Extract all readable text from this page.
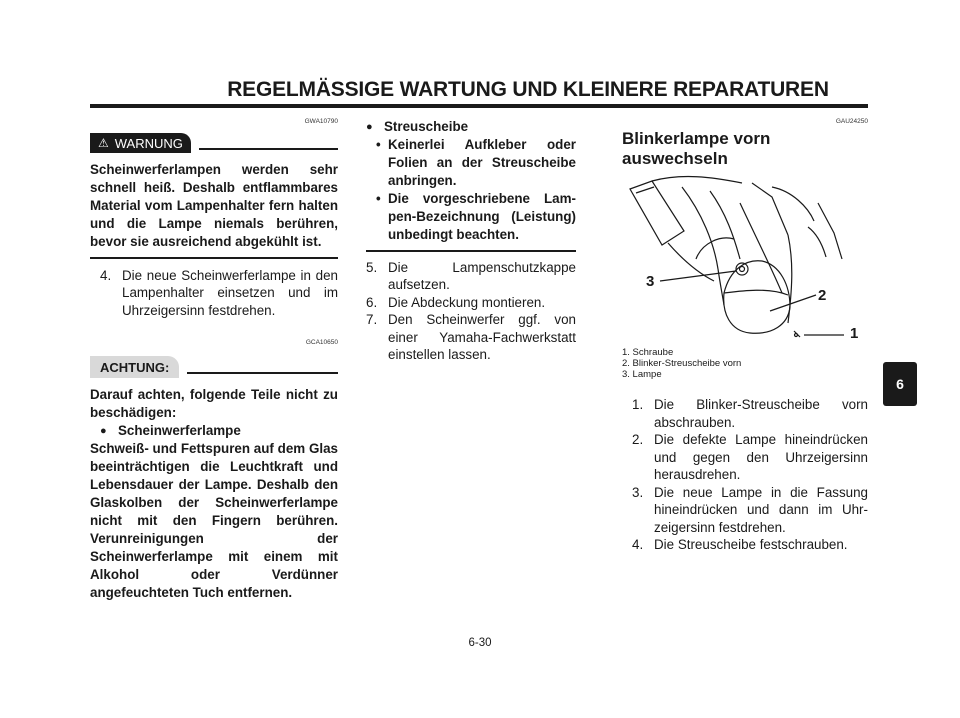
REGELMÄSSIGE WARTUNG UND KLEINERE REPARATUREN
GWA10790
⚠ WARNUNG
Scheinwerferlampen werden sehr schnell heiß. Deshalb entflammbares Material vom Lampenhalter fern halten und die Lampe niemals berühren, bevor sie ausreichend abgekühlt ist.
4. Die neue Scheinwerferlampe in den Lampenhalter einsetzen und im Uhrzeigersinn festdrehen.
GCA10650
ACHTUNG:
Darauf achten, folgende Teile nicht zu beschädigen:
● Scheinwerferlampe
Schweiß- und Fettspuren auf dem Glas beeinträchtigen die Leuchtkraft und Lebensdauer der Lampe. Deshalb den Glaskolben der Scheinwerferlampe nicht mit den Fingern berühren. Verunreinigungen der Scheinwerferlampe mit einem mit Alkohol oder Verdünner angefeuchteten Tuch entfernen.
● Streuscheibe
• Keinerlei Aufkleber oder Folien an der Streuscheibe anbringen.
• Die vorgeschriebene Lampen-Bezeichnung (Leistung) unbedingt beachten.
5. Die Lampenschutzkappe aufsetzen.
6. Die Abdeckung montieren.
7. Den Scheinwerfer ggf. von einer Yamaha-Fachwerkstatt einstellen lassen.
GAU24250
Blinkerlampe vorn
auswechseln
3
2
1
1. Schraube
2. Blinker-Streuscheibe vorn
3. Lampe
1. Die Blinker-Streuscheibe vorn abschrauben.
2. Die defekte Lampe hineindrücken und gegen den Uhrzeigersinn herausdrehen.
3. Die neue Lampe in die Fassung hineindrücken und dann im Uhrzeigersinn festdrehen.
4. Die Streuscheibe festschrauben.
6
6-30
